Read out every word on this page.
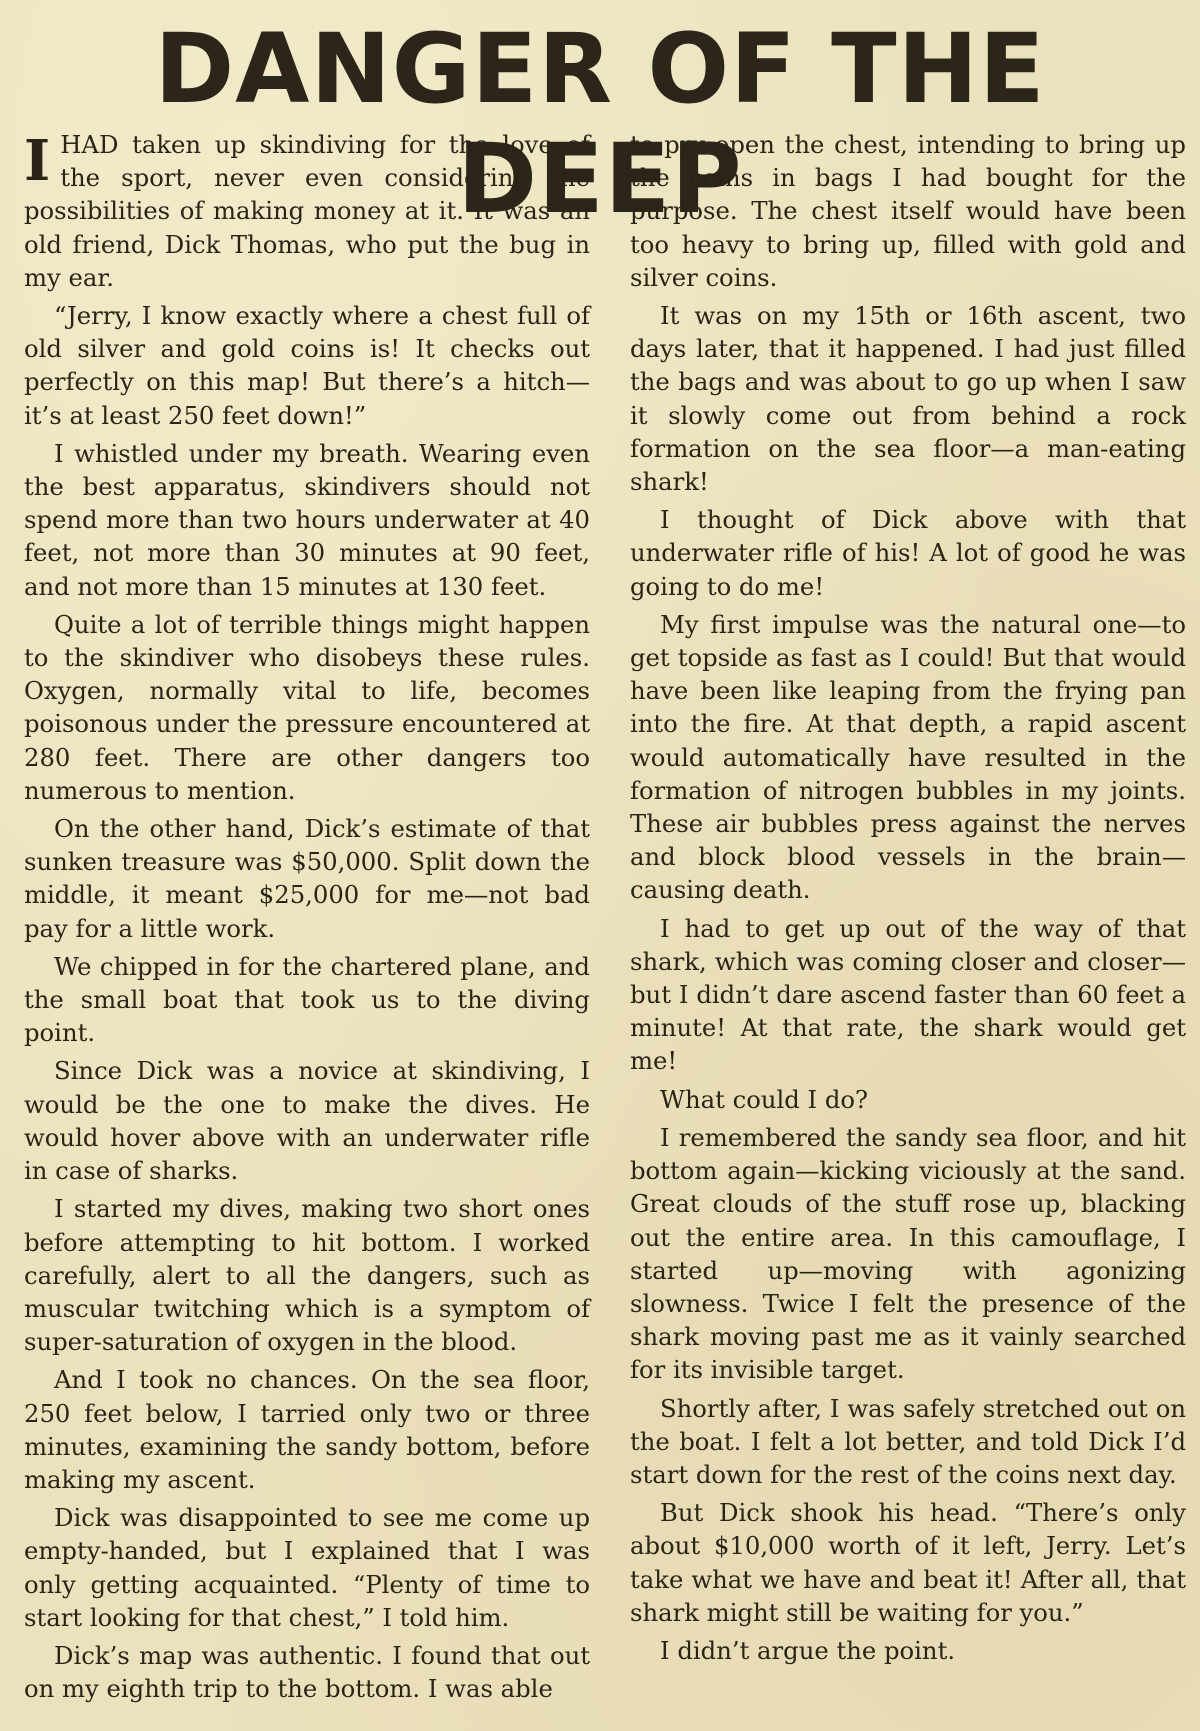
DANGER OF THE DEEP

IHAD taken up skindiving for the love of the sport, never even considering the possibilities of making money at it. It was an old friend, Dick Thomas, who put the bug in my ear.

“Jerry, I know exactly where a chest full of old silver and gold coins is! It checks out perfectly on this map! But there’s a hitch—it’s at least 250 feet down!”

I whistled under my breath. Wearing even the best apparatus, skindivers should not spend more than two hours underwater at 40 feet, not more than 30 minutes at 90 feet, and not more than 15 minutes at 130 feet.

Quite a lot of terrible things might happen to the skindiver who disobeys these rules. Oxygen, normally vital to life, becomes poisonous under the pressure encountered at 280 feet. There are other dangers too numerous to mention.

On the other hand, Dick’s estimate of that sunken treasure was $50,000. Split down the middle, it meant $25,000 for me—not bad pay for a little work.

We chipped in for the chartered plane, and the small boat that took us to the diving point.

Since Dick was a novice at skindiving, I would be the one to make the dives. He would hover above with an underwater rifle in case of sharks.

I started my dives, making two short ones before attempting to hit bottom. I worked carefully, alert to all the dangers, such as muscular twitching which is a symptom of super-saturation of oxygen in the blood.

And I took no chances. On the sea floor, 250 feet below, I tarried only two or three minutes, examining the sandy bottom, before making my ascent.

Dick was disappointed to see me come up empty-handed, but I explained that I was only getting acquainted. “Plenty of time to start looking for that chest,” I told him.

Dick’s map was authentic. I found that out on my eighth trip to the bottom. I was able

to pry open the chest, intending to bring up the coins in bags I had bought for the purpose. The chest itself would have been too heavy to bring up, filled with gold and silver coins.

It was on my 15th or 16th ascent, two days later, that it happened. I had just filled the bags and was about to go up when I saw it slowly come out from behind a rock formation on the sea floor—a man-eating shark!

I thought of Dick above with that underwater rifle of his! A lot of good he was going to do me!

My first impulse was the natural one—to get topside as fast as I could! But that would have been like leaping from the frying pan into the fire. At that depth, a rapid ascent would automatically have resulted in the formation of nitrogen bubbles in my joints. These air bubbles press against the nerves and block blood vessels in the brain—causing death.

I had to get up out of the way of that shark, which was coming closer and closer—but I didn’t dare ascend faster than 60 feet a minute! At that rate, the shark would get me!

What could I do?

I remembered the sandy sea floor, and hit bottom again—kicking viciously at the sand. Great clouds of the stuff rose up, blacking out the entire area. In this camouflage, I started up—moving with agonizing slowness. Twice I felt the presence of the shark moving past me as it vainly searched for its invisible target.

Shortly after, I was safely stretched out on the boat. I felt a lot better, and told Dick I’d start down for the rest of the coins next day.

But Dick shook his head. “There’s only about $10,000 worth of it left, Jerry. Let’s take what we have and beat it! After all, that shark might still be waiting for you.”

I didn’t argue the point.
